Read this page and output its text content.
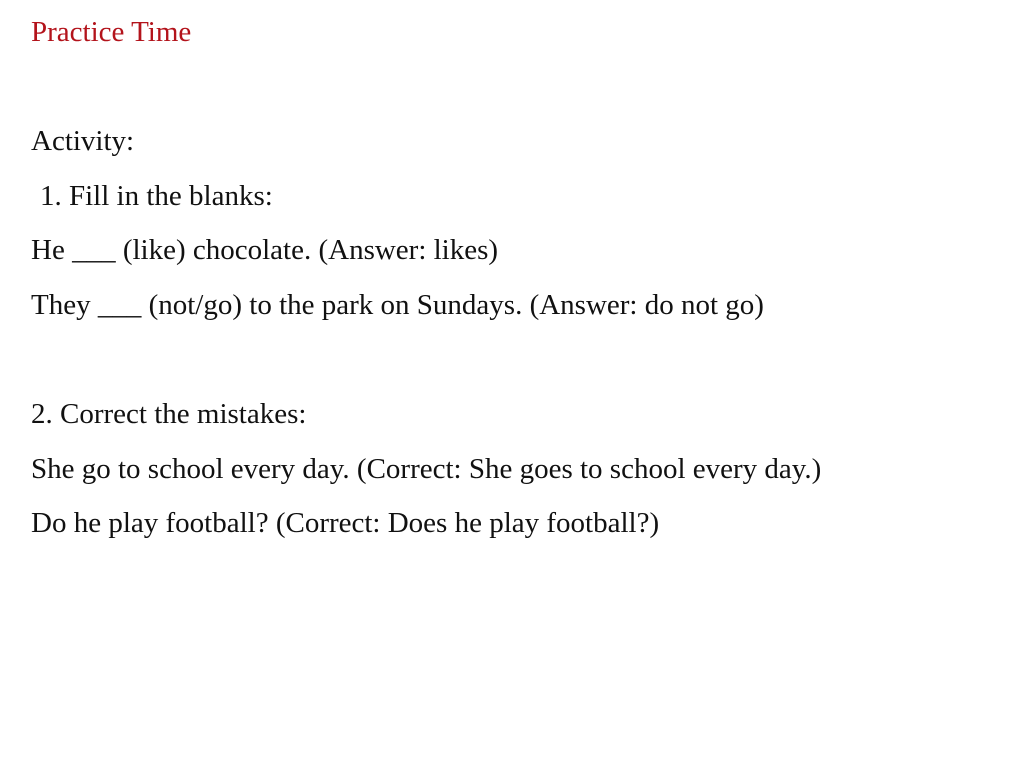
Practice Time
Activity:
1. Fill in the blanks:
He ___ (like) chocolate. (Answer: likes)
They ___ (not/go) to the park on Sundays. (Answer: do not go)
2. Correct the mistakes:
She go to school every day. (Correct: She goes to school every day.)
Do he play football? (Correct: Does he play football?)
